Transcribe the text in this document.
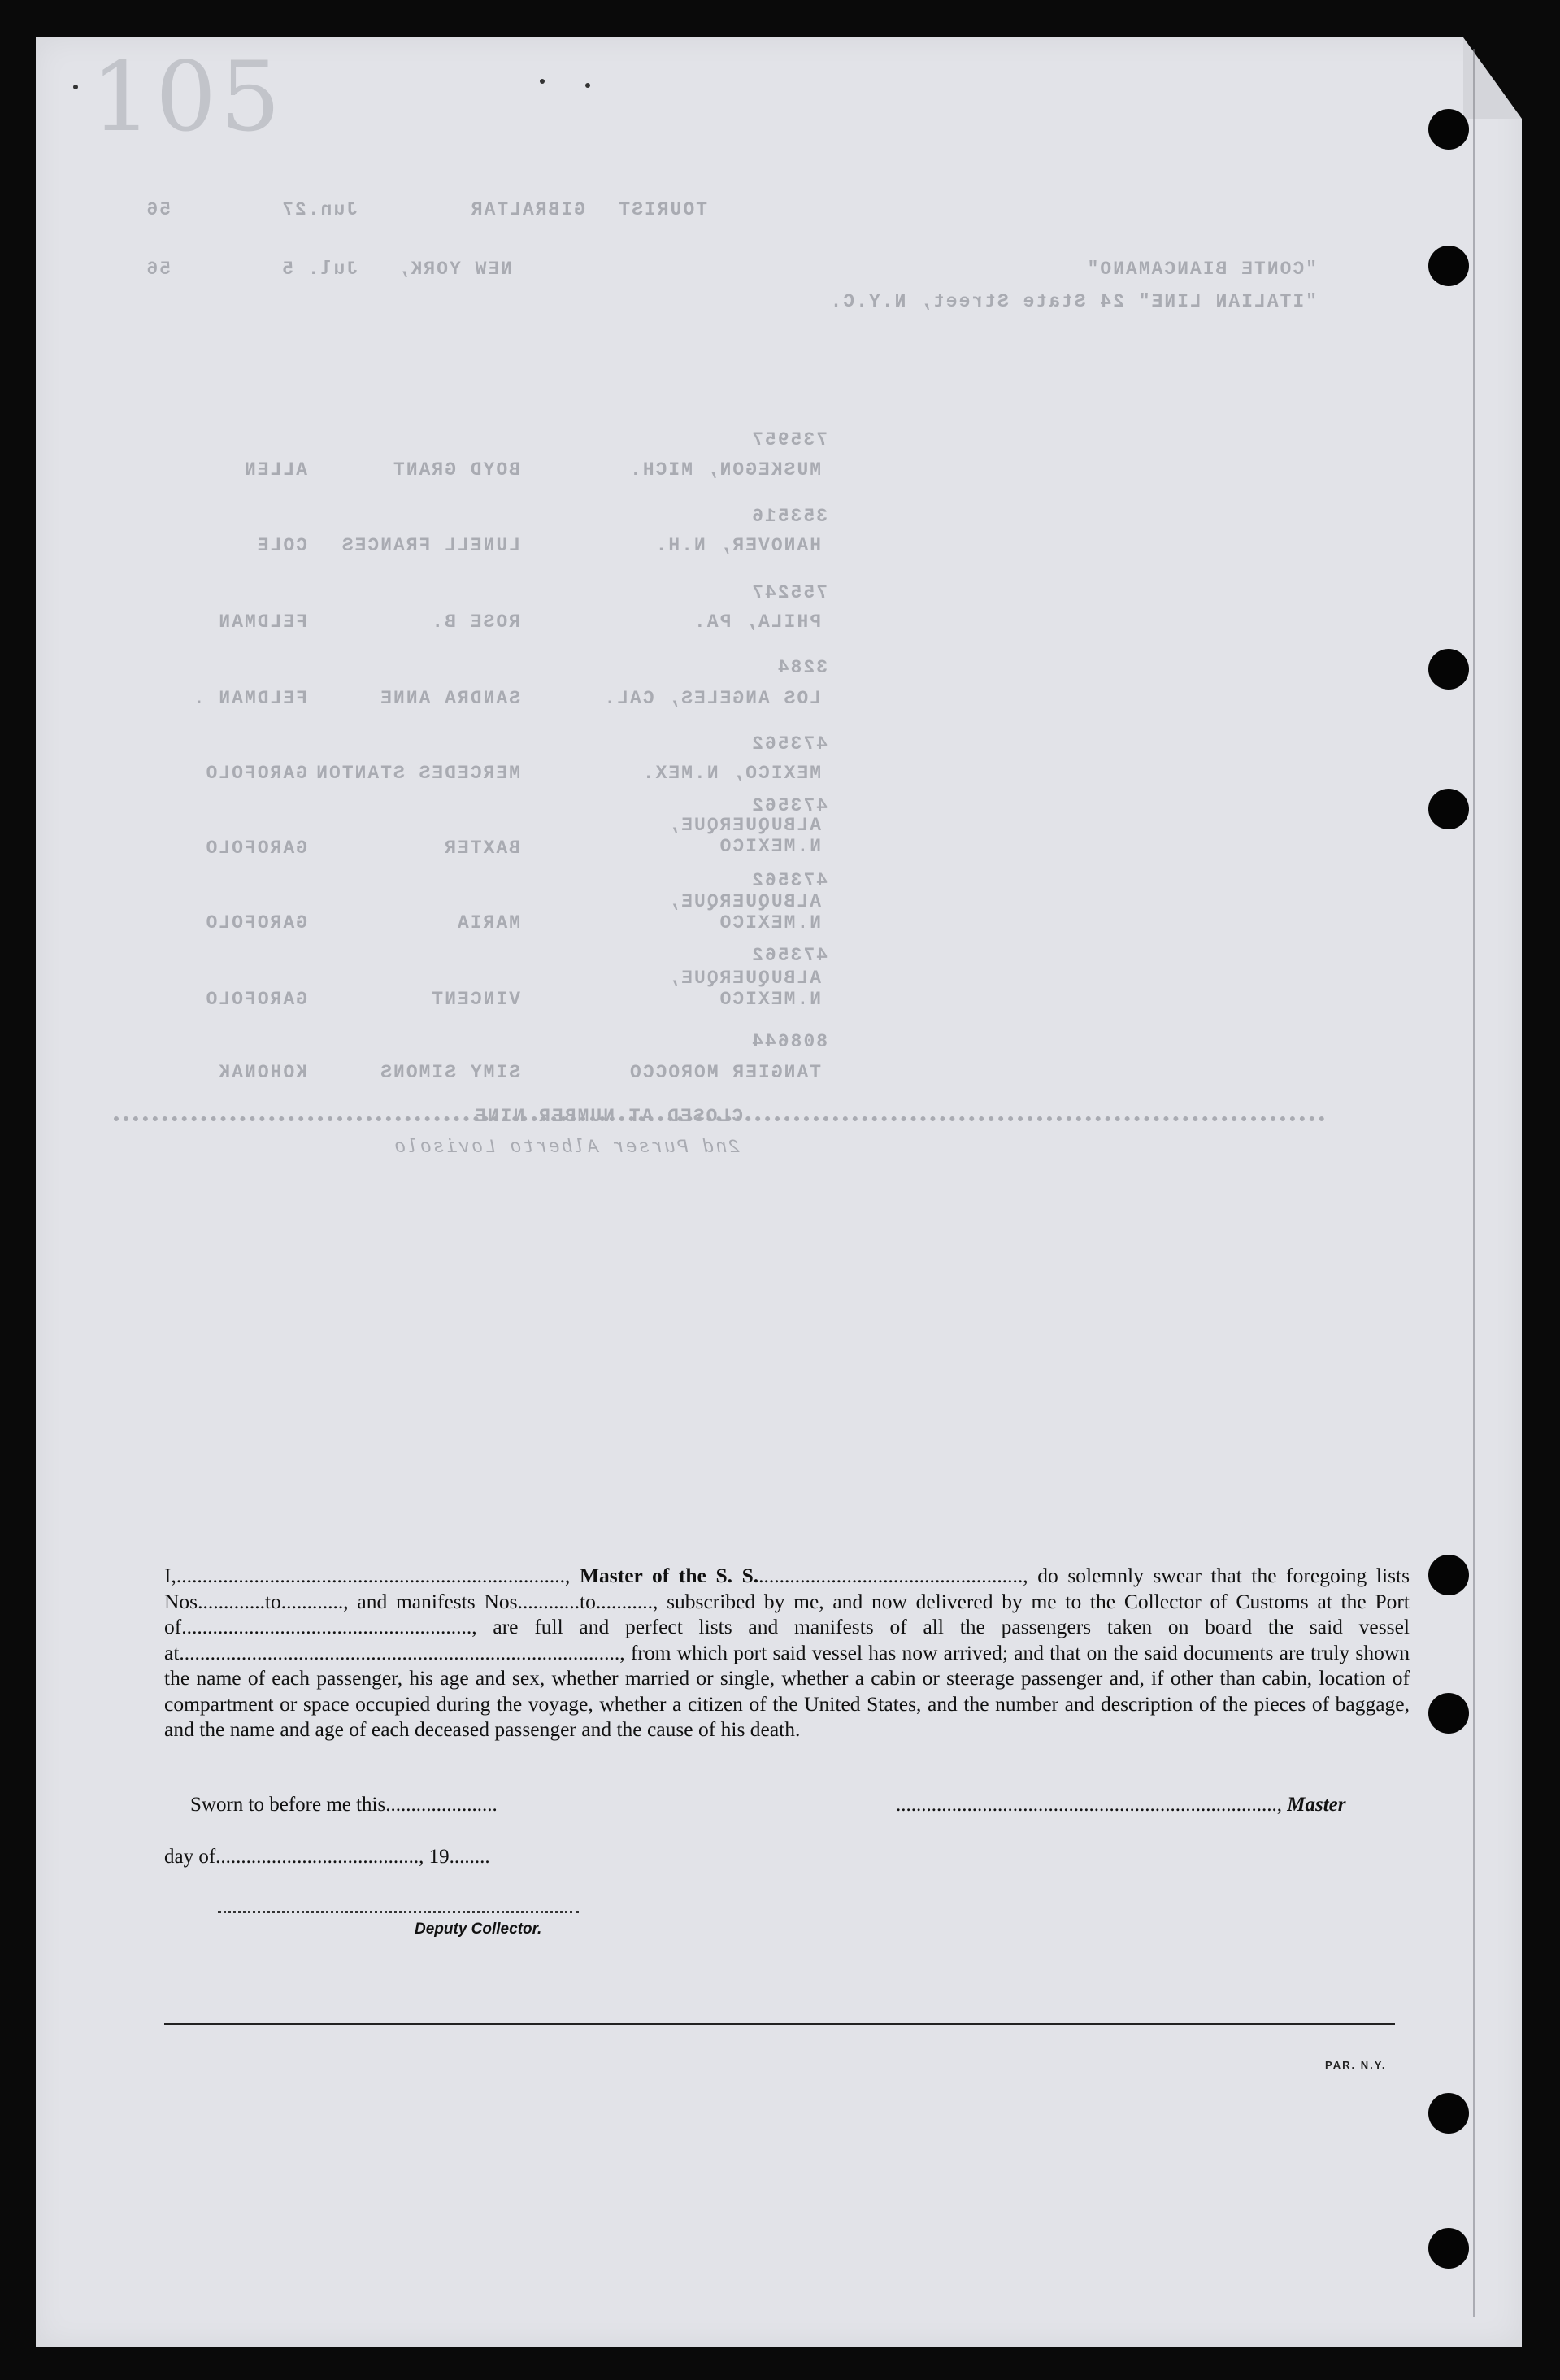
105
TOURIST
GIBRALTAR
Jun.27
56
"CONTE BIANCAMANO"
NEW YORK,
Jul. 5
56
"ITALIAN LINE" 24 State Street, N.Y.C.
735957
MUSKEGON, MICH.
BOYD GRANT
ALLEN
353516
HANOVER, N.H.
LUNELL FRANCES
COLE
755247
PHILA, PA.
ROSE B.
FELDMAN
3284
LOS ANGELES, CAL.
SANDRA ANNE
FELDMAN .
473562
MEXICO, N.MEX.
MERCEDES STANTON
GAROFOLO
473562
ALBUQUERQUE, N.MEXICO
BAXTER
GAROFOLO
473562
ALBUQUERQUE, N.MEXICO
MARIA
GAROFOLO
473562
ALBUQUERQUE, N.MEXICO
VINCENT
GAROFOLO
808644
TANGIER MOROCCO
SIMY SIMONS
KOHONAK
CLOSED AT NUMBER NINE
2nd Purser Alberto Lovisolo
I,..........................................................................., Master of the S. S...................................................., do solemnly swear that the foregoing lists Nos.............to............, and manifests Nos............to..........., subscribed by me, and now delivered by me to the Collector of Customs at the Port of........................................................, are full and perfect lists and manifests of all the passengers taken on board the said vessel at....................................................................................., from which port said vessel has now arrived; and that on the said documents are truly shown the name of each passenger, his age and sex, whether married or single, whether a cabin or steerage passenger and, if other than cabin, location of compartment or space occupied during the voyage, whether a citizen of the United States, and the number and description of the pieces of baggage, and the name and age of each deceased passenger and the cause of his death.
Sworn to before me this......................	..........................................................................., Master
day of........................................, 19........
Deputy Collector.
PAR. N.Y.
